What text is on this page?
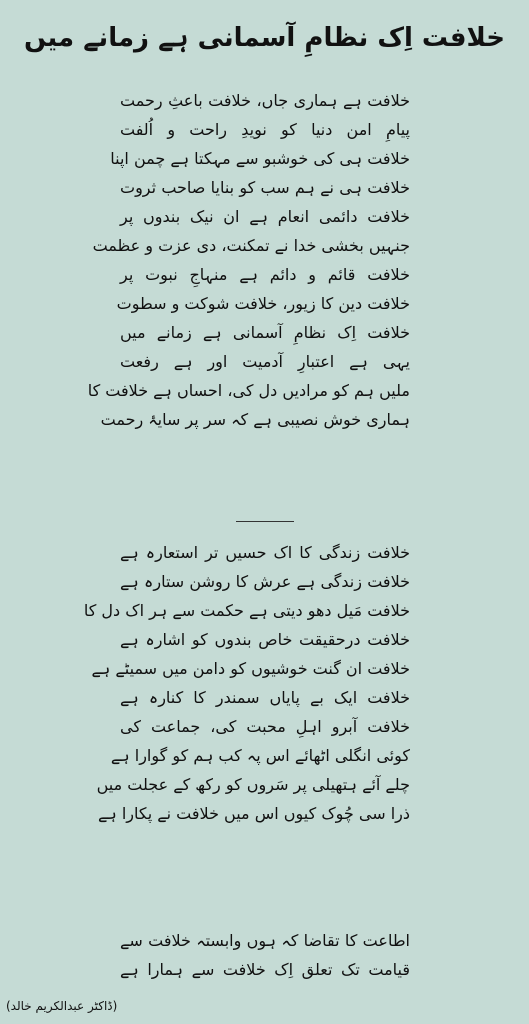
خلافت اِک نظامِ آسمانی ہے زمانے میں
خلافت ہے ہماری جاں، خلافت باعثِ رحمت
پیامِ امن دنیا کو نویدِ راحت و اُلفت
خلافت ہی کی خوشبو سے مہکتا ہے چمن اپنا
خلافت ہی نے ہم سب کو بنایا صاحب ثروت
خلافت دائمی انعام ہے ان نیک بندوں پر
جنہیں بخشی خدا نے تمکنت، دی عزت و عظمت
خلافت قائم و دائم ہے منہاجِ نبوت پر
خلافت دین کا زیور، خلافت شوکت و سطوت
خلافت اِک نظامِ آسمانی ہے زمانے میں
یہی ہے اعتبارِ آدمیت اور ہے رفعت
ملیں ہم کو مرادیں دل کی، احساں ہے خلافت کا
ہماری خوش نصیبی ہے کہ سر پر سایۂ رحمت
خلافت زندگی کا اک حسیں تر استعارہ ہے
خلافت زندگی ہے عرش کا روشن ستارہ ہے
خلافت مَیل دھو دیتی ہے حکمت سے ہر اک دل کا
خلافت درحقیقت خاص بندوں کو اشارہ ہے
خلافت ان گنت خوشیوں کو دامن میں سمیٹے ہے
خلافت ایک بے پایاں سمندر کا کنارہ ہے
خلافت آبرو اہلِ محبت کی، جماعت کی
کوئی انگلی اٹھائے اس پہ کب ہم کو گوارا ہے
چلے آئے ہتھیلی پر سَروں کو رکھ کے عجلت میں
ذرا سی چُوک کیوں اس میں خلافت نے پکارا ہے
اطاعت کا تقاضا کہ ہوں وابستہ خلافت سے
قیامت تک تعلق اِک خلافت سے ہمارا ہے
(ڈاکٹر عبدالکریم خالد)
